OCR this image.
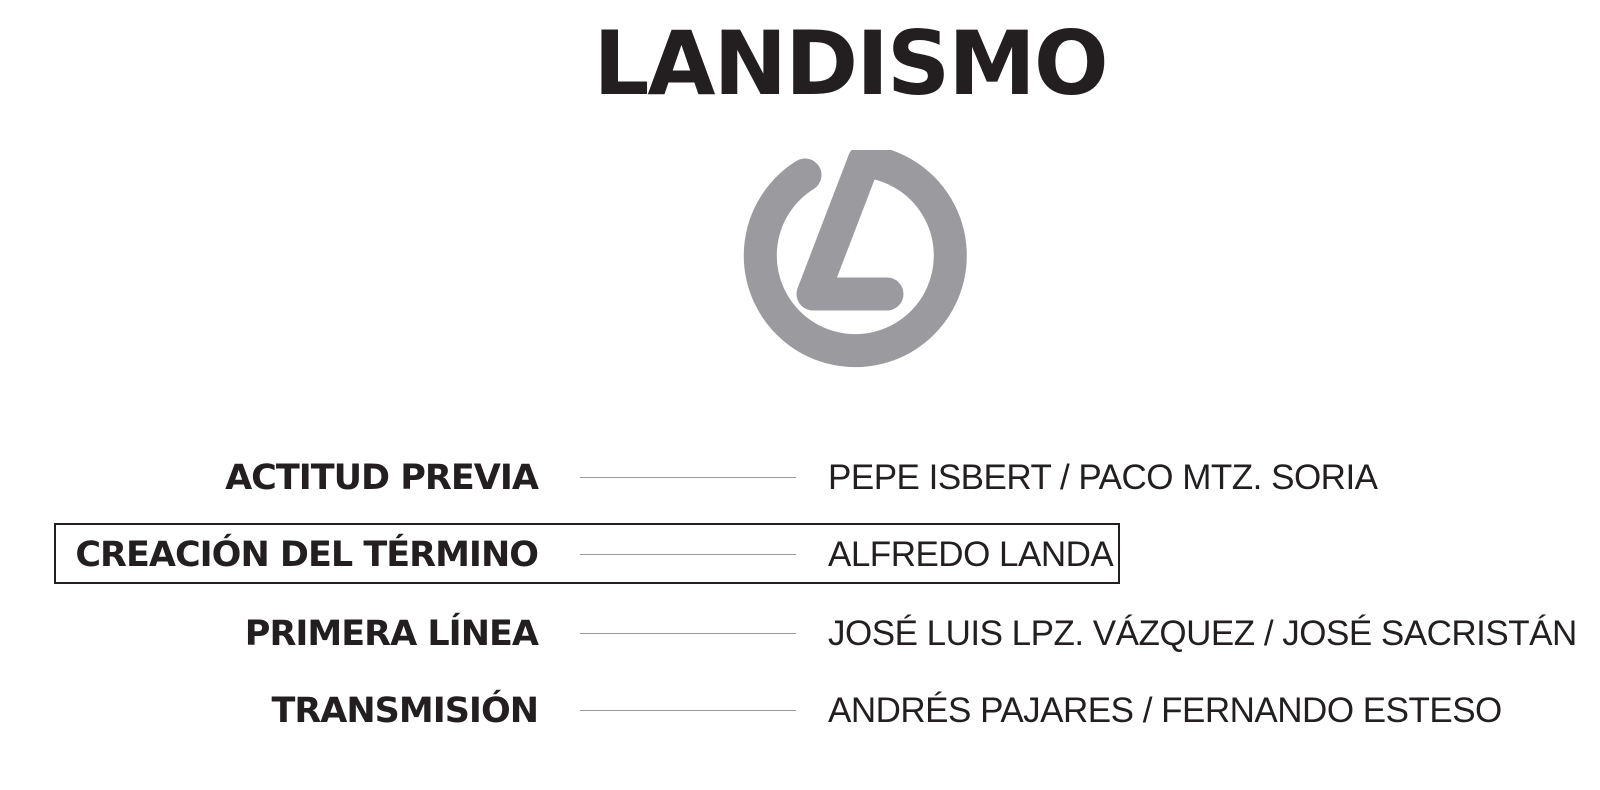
LANDISMO
ACTITUD PREVIA	PEPE ISBERT / PACO MTZ. SORIA
CREACIÓN DEL TÉRMINO	ALFREDO LANDA
PRIMERA LÍNEA	JOSÉ LUIS LPZ. VÁZQUEZ / JOSÉ SACRISTÁN
TRANSMISIÓN	ANDRÉS PAJARES / FERNANDO ESTESO
